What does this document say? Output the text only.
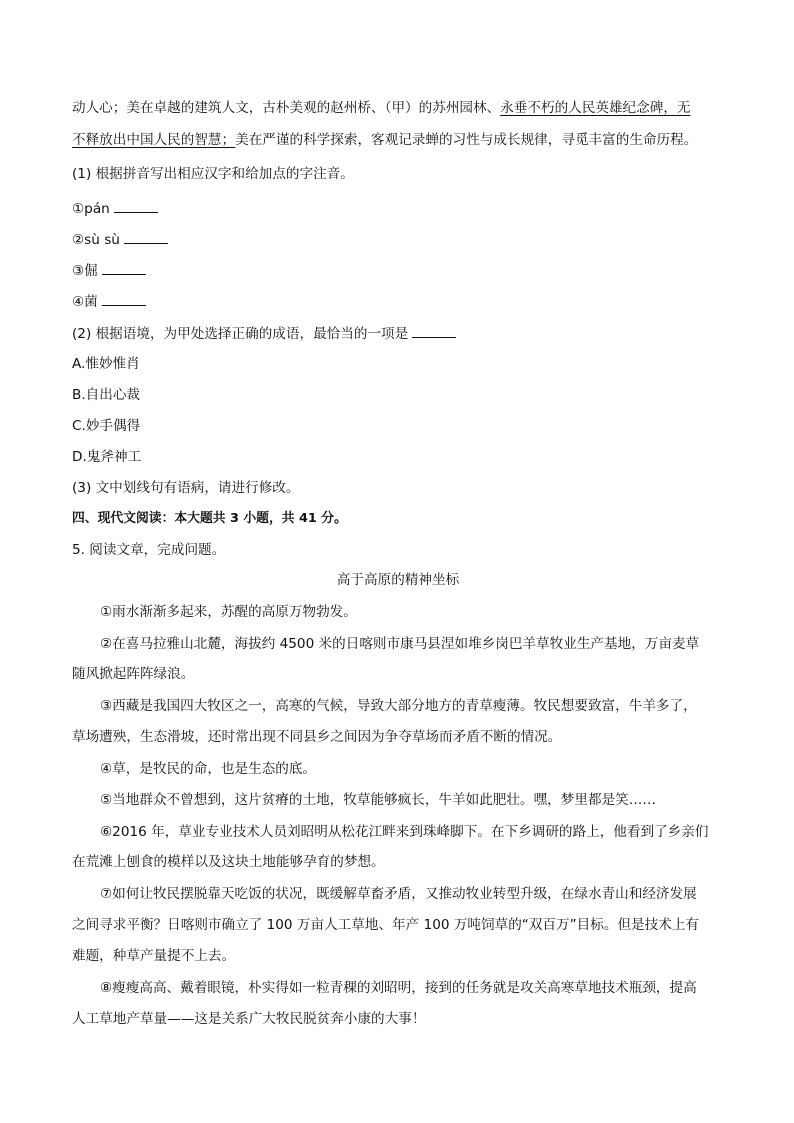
动人心；美在卓越的建筑人文，古朴美观的赵州桥、（甲）的苏州园林、永垂不朽的人民英雄纪念碑，无
不释放出中国人民的智慧；美在严谨的科学探索，客观记录蝉的习性与成长规律，寻觅丰富的生命历程。
(1) 根据拼音写出相应汉字和给加点的字注音。
①pán
②sù sù
③倔
④菌
(2) 根据语境，为甲处选择正确的成语，最恰当的一项是
A.惟妙惟肖
B.自出心裁
C.妙手偶得
D.鬼斧神工
(3) 文中划线句有语病，请进行修改。
四、现代文阅读：本大题共 3 小题，共 41 分。
5. 阅读文章，完成问题。
高于高原的精神坐标
①雨水渐渐多起来，苏醒的高原万物勃发。
②在喜马拉雅山北麓，海拔约 4500 米的日喀则市康马县涅如堆乡岗巴羊草牧业生产基地，万亩麦草
随风掀起阵阵绿浪。
③西藏是我国四大牧区之一，高寒的气候，导致大部分地方的青草瘦薄。牧民想要致富，牛羊多了，
草场遭殃，生态滑坡，还时常出现不同县乡之间因为争夺草场而矛盾不断的情况。
④草，是牧民的命，也是生态的底。
⑤当地群众不曾想到，这片贫瘠的土地，牧草能够疯长，牛羊如此肥壮。嘿，梦里都是笑……
⑥2016 年，草业专业技术人员刘昭明从松花江畔来到珠峰脚下。在下乡调研的路上，他看到了乡亲们
在荒滩上刨食的模样以及这块土地能够孕育的梦想。
⑦如何让牧民摆脱靠天吃饭的状况，既缓解草畜矛盾，又推动牧业转型升级，在绿水青山和经济发展
之间寻求平衡？日喀则市确立了 100 万亩人工草地、年产 100 万吨饲草的“双百万”目标。但是技术上有
难题，种草产量提不上去。
⑧瘦瘦高高、戴着眼镜，朴实得如一粒青稞的刘昭明，接到的任务就是攻关高寒草地技术瓶颈，提高
人工草地产草量——这是关系广大牧民脱贫奔小康的大事！
